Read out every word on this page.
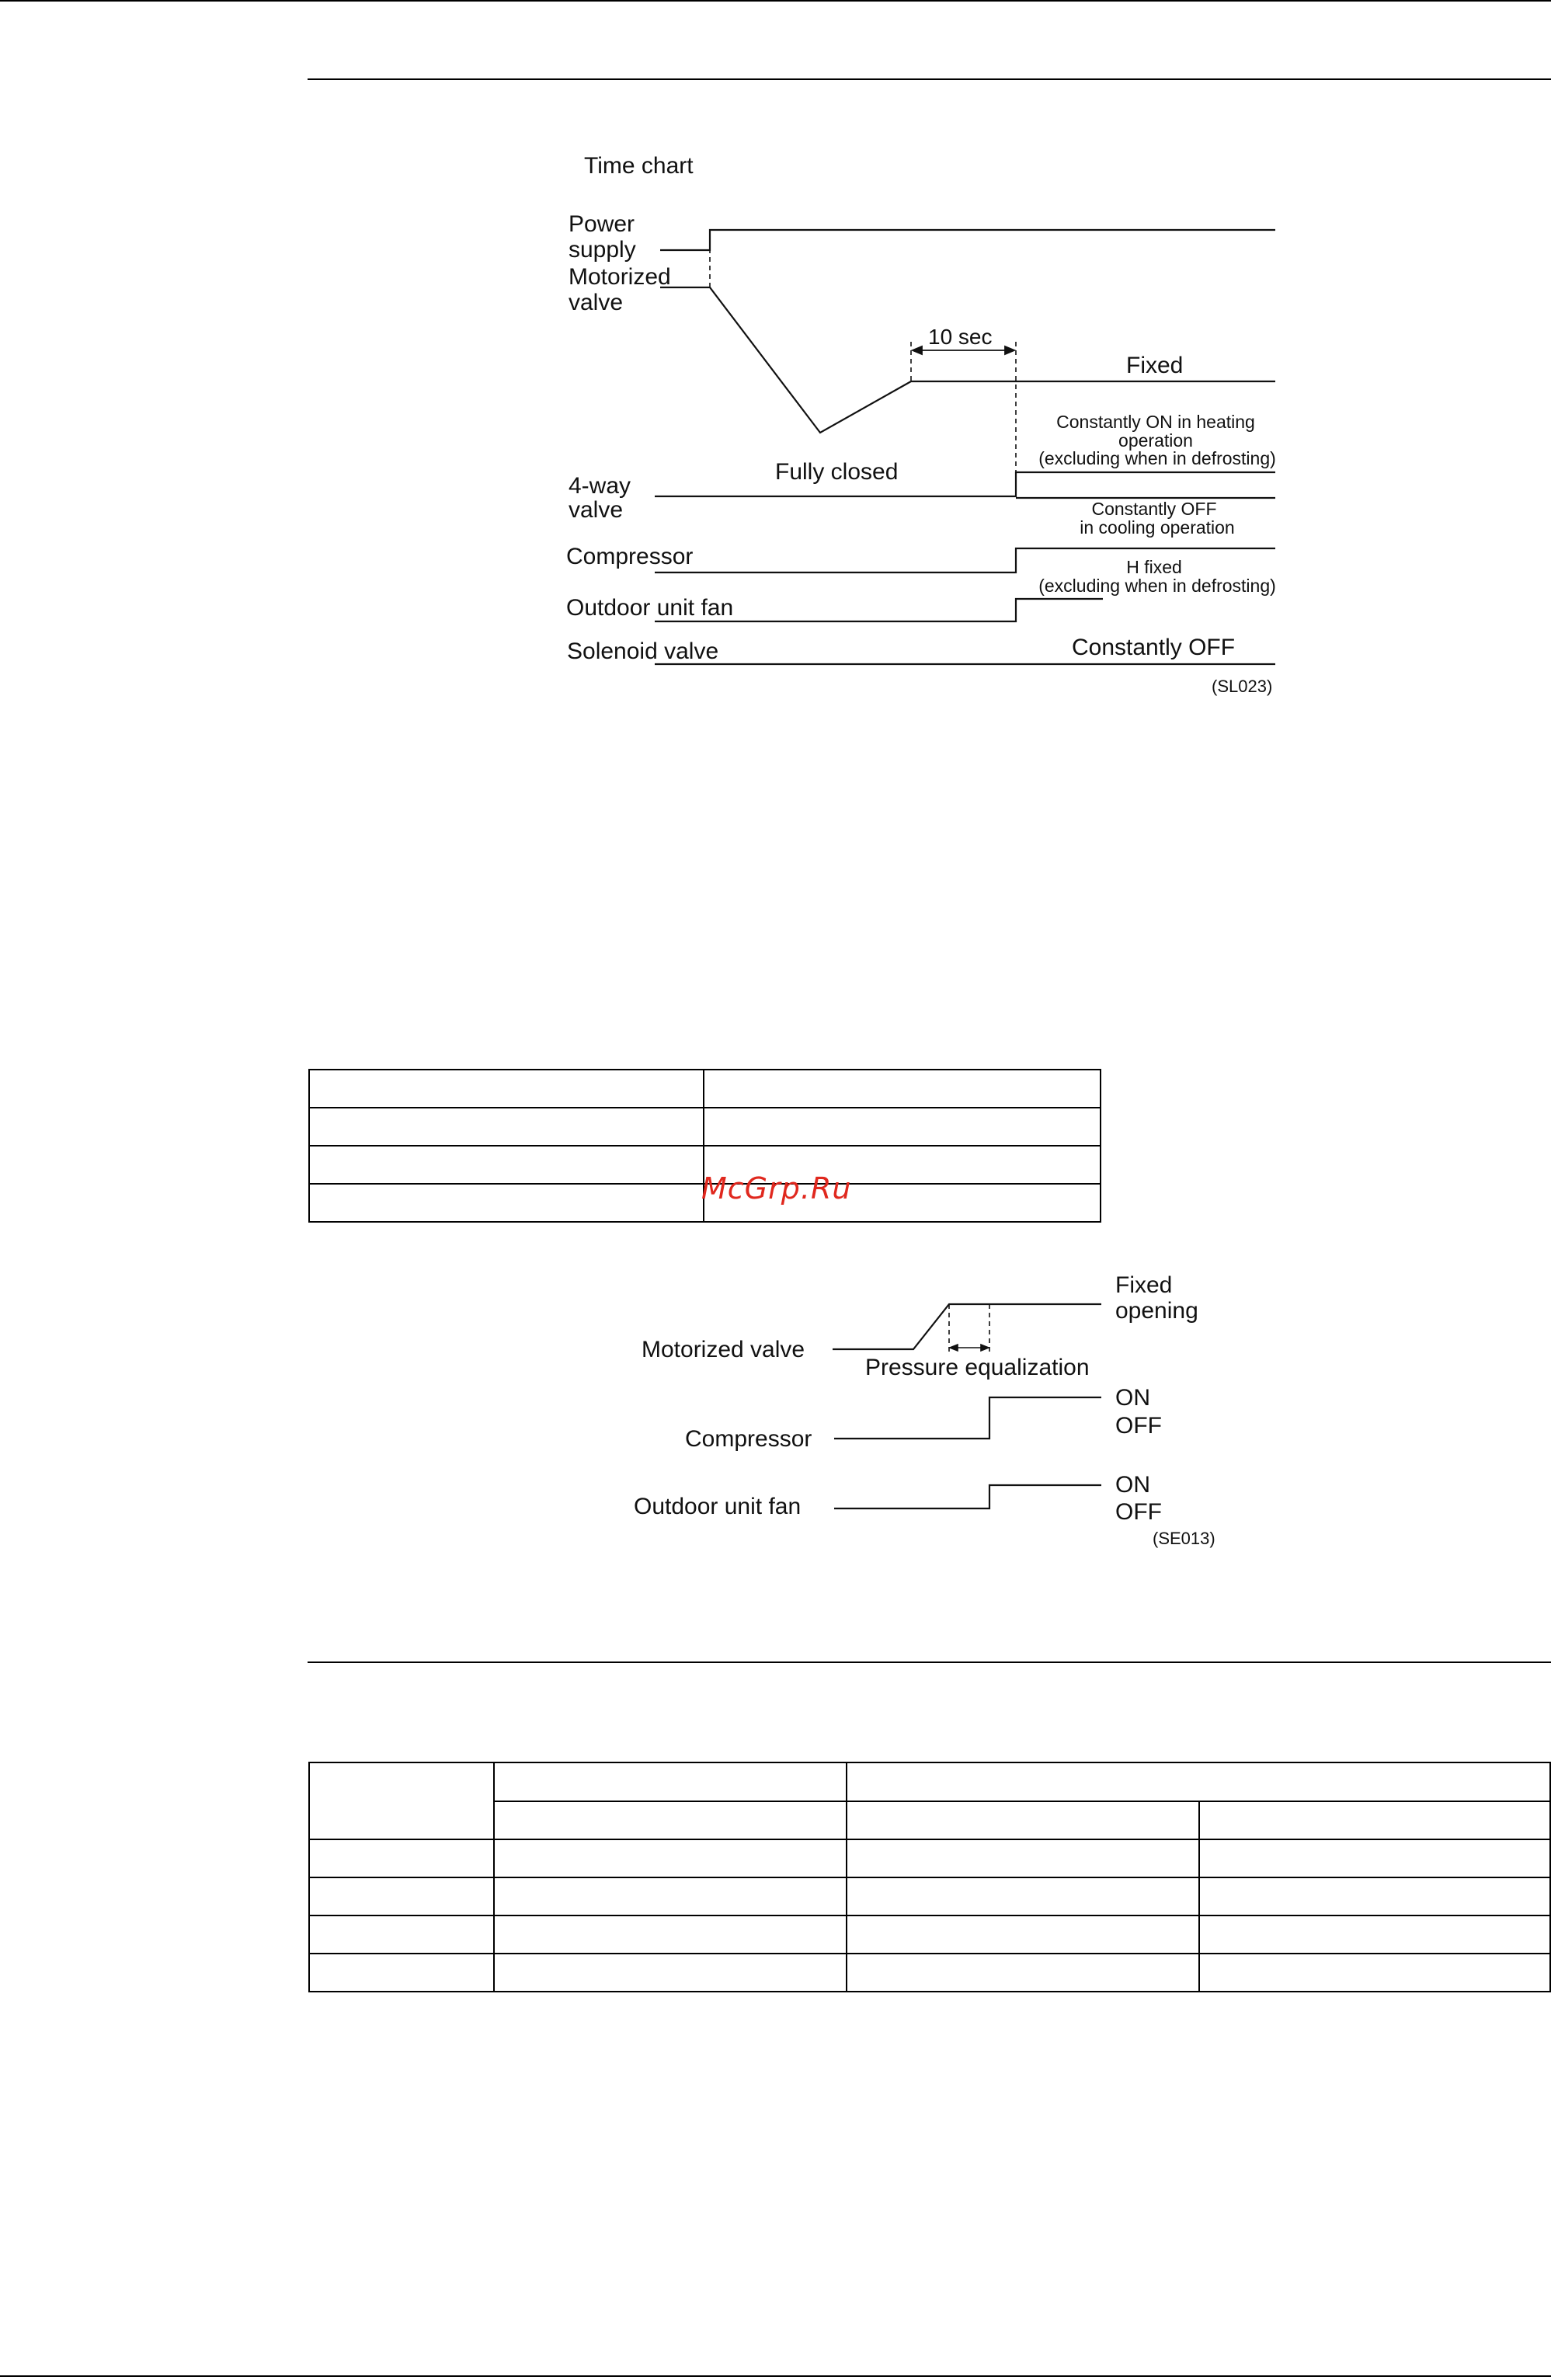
Time chart
Power
supply
Motorized
valve
4-way
valve
Compressor
Outdoor unit fan
Solenoid valve
10 sec
Fixed
Fully closed
Constantly ON in heating
operation
(excluding when in defrosting)
Constantly OFF
in cooling operation
H fixed
(excluding when in defrosting)
Constantly OFF
(SL023)

McGrp.Ru
Motorized valve
Compressor
Outdoor unit fan
Fixed
opening
Pressure equalization
ON
OFF
ON
OFF
(SE013)
